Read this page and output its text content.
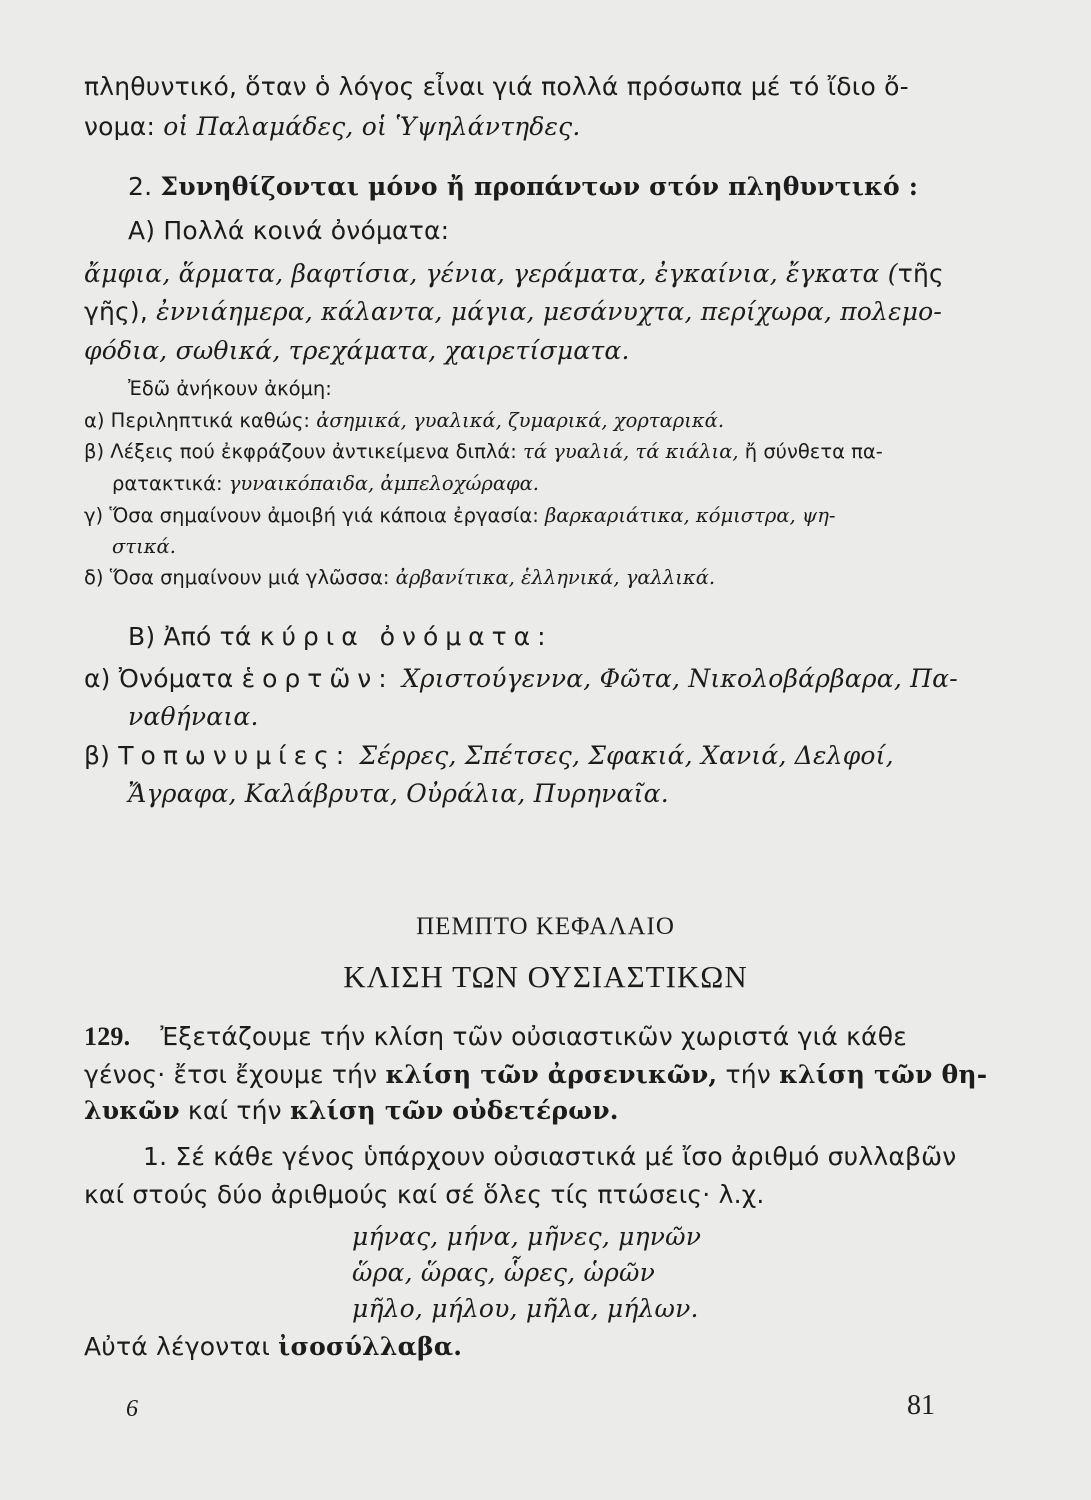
πληθυντικό, ὅταν ὁ λόγος εἶναι γιά πολλά πρόσωπα μέ τό ἴδιο ὄ-

νομα: οἱ Παλαμάδες, οἱ Ὑψηλάντηδες.

2. Συνηθίζονται μόνο ἤ προπάντων στόν πληθυντικό :

Α) Πολλά κοινά ὀνόματα:

ἄμφια, ἅρματα, βαφτίσια, γένια, γεράματα, ἐγκαίνια, ἔγκατα (τῆς

γῆς), ἐννιάημερα, κάλαντα, μάγια, μεσάνυχτα, περίχωρα, πολεμο-

φόδια, σωθικά, τρεχάματα, χαιρετίσματα.

Ἐδῶ ἀνήκουν ἀκόμη:

α) Περιληπτικά καθώς: ἀσημικά, γυαλικά, ζυμαρικά, χορταρικά.

β) Λέξεις πού ἐκφράζουν ἀντικείμενα διπλά: τά γυαλιά, τά κιάλια, ἤ σύνθετα πα-

ρατακτικά: γυναικόπαιδα, ἀμπελοχώραφα.

γ) Ὅσα σημαίνουν ἀμοιβή γιά κάποια ἐργασία: βαρκαριάτικα, κόμιστρα, ψη-

στικά.

δ) Ὅσα σημαίνουν μιά γλῶσσα: ἀρβανίτικα, ἑλληνικά, γαλλικά.

Β) Ἀπό τά κύρια ὀνόματα:

α) Ὀνόματα ἑορτῶν: Χριστούγεννα, Φῶτα, Νικολοβάρβαρα, Πα-

ναθήναια.

β) Τοπωνυμίες: Σέρρες, Σπέτσες, Σφακιά, Χανιά, Δελφοί,

Ἄγραφα, Καλάβρυτα, Οὐράλια, Πυρηναῖα.

ΠΕΜΠΤΟ ΚΕΦΑΛΑΙΟ

ΚΛΙΣΗ ΤΩΝ ΟΥΣΙΑΣΤΙΚΩΝ

129. Ἐξετάζουμε τήν κλίση τῶν οὐσιαστικῶν χωριστά γιά κάθε

γένος· ἔτσι ἔχουμε τήν κλίση τῶν ἀρσενικῶν, τήν κλίση τῶν θη-

λυκῶν καί τήν κλίση τῶν οὐδετέρων.

1. Σέ κάθε γένος ὑπάρχουν οὐσιαστικά μέ ἴσο ἀριθμό συλλαβῶν

καί στούς δύο ἀριθμούς καί σέ ὅλες τίς πτώσεις· λ.χ.

μήνας, μήνα, μῆνες, μηνῶν

ὥρα, ὥρας, ὧρες, ὡρῶν

μῆλο, μήλου, μῆλα, μήλων.

Αὐτά λέγονται ἰσοσύλλαβα.

6	81
